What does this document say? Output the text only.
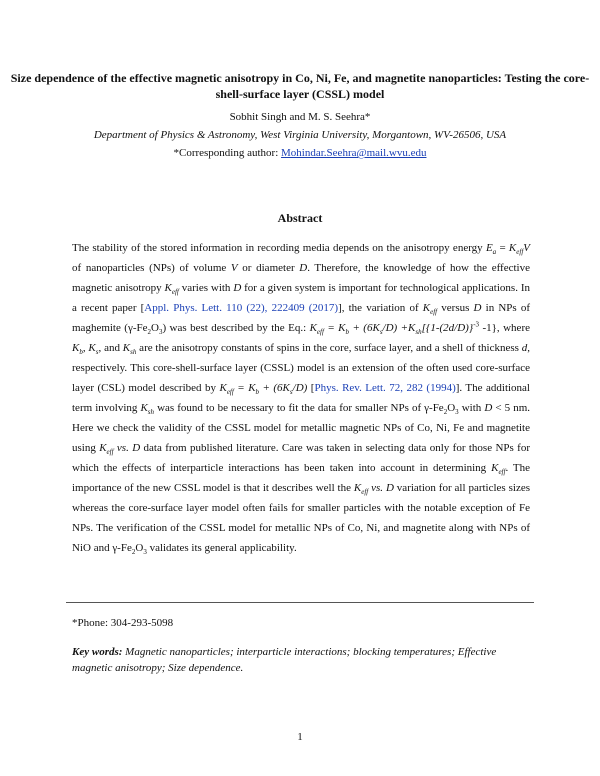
Size dependence of the effective magnetic anisotropy in Co, Ni, Fe, and magnetite nanoparticles: Testing the core-shell-surface layer (CSSL) model
Sobhit Singh and M. S. Seehra*
Department of Physics & Astronomy, West Virginia University, Morgantown, WV-26506, USA
*Corresponding author: Mohindar.Seehra@mail.wvu.edu
Abstract
The stability of the stored information in recording media depends on the anisotropy energy $E_a = K_{eff}V$ of nanoparticles (NPs) of volume V or diameter D. Therefore, the knowledge of how the effective magnetic anisotropy $K_{eff}$ varies with D for a given system is important for technological applications. In a recent paper [Appl. Phys. Lett. 110 (22), 222409 (2017)], the variation of $K_{eff}$ versus D in NPs of maghemite $(\gamma-Fe_2O_3)$ was best described by the Eq.: $K_{eff} = K_b + (6K_s/D) +K_{sh}[\{1-(2d/D)\}^{-3}$ -1}, where $K_b$, $K_s$, and $K_{sh}$ are the anisotropy constants of spins in the core, surface layer, and a shell of thickness d, respectively. This core-shell-surface layer (CSSL) model is an extension of the often used core-surface layer (CSL) model described by $K_{eff} = K_b + (6K_s/D)$ [Phys. Rev. Lett. 72, 282 (1994)]. The additional term involving $K_{sh}$ was found to be necessary to fit the data for smaller NPs of $\gamma-Fe_2O_3$ with D < 5 nm. Here we check the validity of the CSSL model for metallic magnetic NPs of Co, Ni, Fe and magnetite using $K_{eff}$ vs. D data from published literature. Care was taken in selecting data only for those NPs for which the effects of interparticle interactions has been taken into account in determining $K_{eff}$. The importance of the new CSSL model is that it describes well the $K_{eff}$ vs. D variation for all particles sizes whereas the core-surface layer model often fails for smaller particles with the notable exception of Fe NPs. The verification of the CSSL model for metallic NPs of Co, Ni, and magnetite along with NPs of NiO and $\gamma-Fe_2O_3$ validates its general applicability.
*Phone: 304-293-5098
Key words: Magnetic nanoparticles; interparticle interactions; blocking temperatures; Effective magnetic anisotropy; Size dependence.
1
